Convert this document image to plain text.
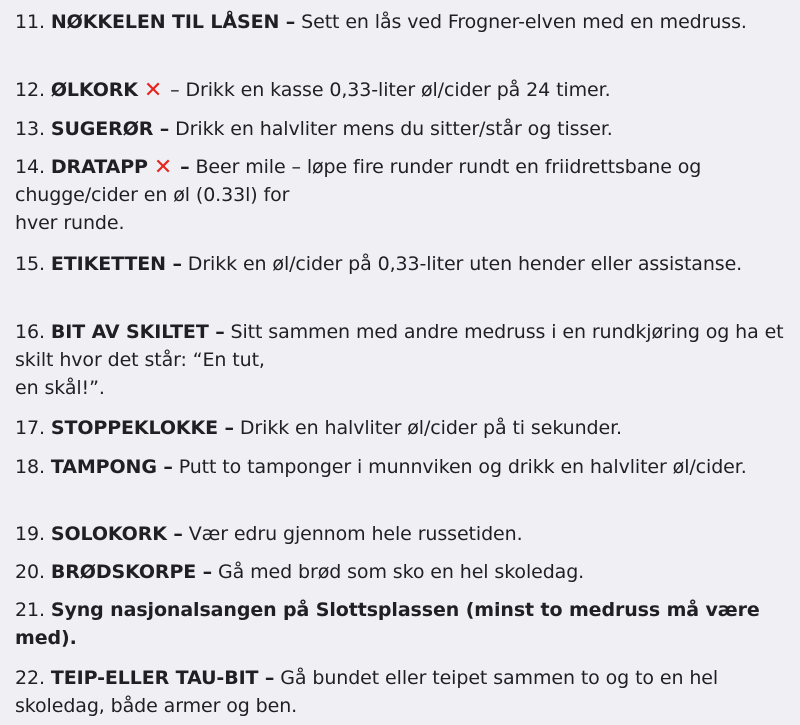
11. NØKKELEN TIL LÅSEN – Sett en lås ved Frogner-elven med en medruss.
12. ØLKORK ✕ – Drikk en kasse 0,33-liter øl/cider på 24 timer.
13. SUGERØR – Drikk en halvliter mens du sitter/står og tisser.
14. DRATAPP ✕ – Beer mile – løpe fire runder rundt en friidrettsbane og chugge/cider en øl (0.33l) for
hver runde.
15. ETIKETTEN – Drikk en øl/cider på 0,33-liter uten hender eller assistanse.
16. BIT AV SKILTET – Sitt sammen med andre medruss i en rundkjøring og ha et skilt hvor det står: “En tut,
en skål!”.
17. STOPPEKLOKKE – Drikk en halvliter øl/cider på ti sekunder.
18. TAMPONG – Putt to tamponger i munnviken og drikk en halvliter øl/cider.
19. SOLOKORK – Vær edru gjennom hele russetiden.
20. BRØDSKORPE – Gå med brød som sko en hel skoledag.
21. Syng nasjonalsangen på Slottsplassen (minst to medruss må være med).
22. TEIP-ELLER TAU-BIT – Gå bundet eller teipet sammen to og to en hel skoledag, både armer og ben.
